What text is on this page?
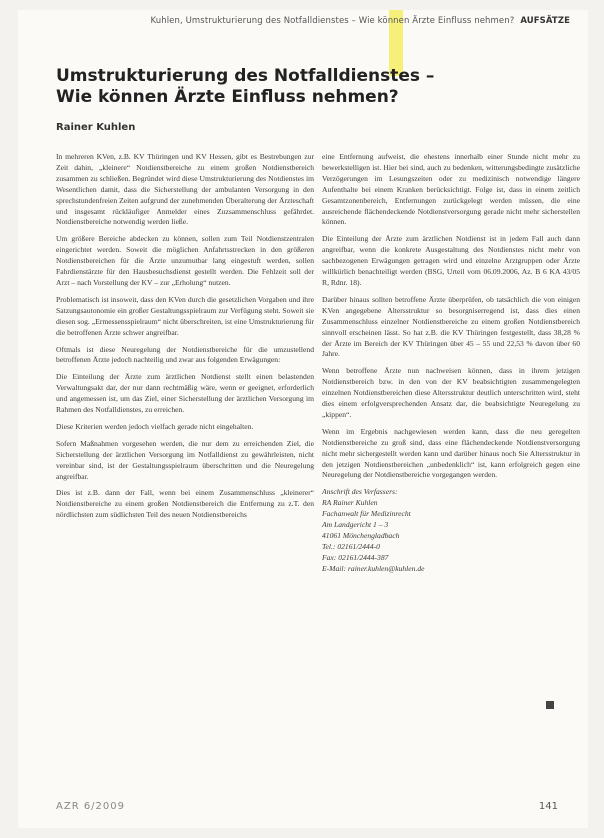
Kuhlen, Umstrukturierung des Notfalldienstes – Wie können Ärzte Einfluss nehmen? AUFSÄTZE
Umstrukturierung des Notfalldienstes –
Wie können Ärzte Einfluss nehmen?
Rainer Kuhlen

In mehreren KVen, z.B. KV Thüringen und KV Hessen, gibt es Bestrebungen zur Zeit dahin, „kleinere“ Notdienstbereiche zu einem großen Notdienstbereich zusammen zu schließen. Begründet wird diese Umstrukturierung des Notdienstes im Wesentlichen damit, dass die Sicherstellung der ambulanten Versorgung in den sprechstundenfreien Zeiten aufgrund der zunehmenden Überalterung der Ärzteschaft und insgesamt rückläufiger Anmelder eines Zuzsammenschluss gefährdet. Notdienstbereiche notwendig werden ließe.

Um größere Bereiche abdecken zu können, sollen zum Teil Notdienstzentralen eingerichtet werden. Soweit die möglichen Anfahrtsstrecken in den größeren Notdienstbereichen für die Ärzte unzumutbar lang eingestuft werden, sollen Fahrdienstärzte für den Hausbesuchsdienst gestellt werden. Die Fehlzeit soll der Arzt – nach Vorstellung der KV – zur „Erholung“ nutzen.

Problematisch ist insoweit, dass den KVen durch die gesetzlichen Vorgaben und ihre Satzungsautonomie ein großer Gestaltungsspielraum zur Verfügung steht. Soweit sie diesen sog. „Ermessensspielraum“ nicht überschreiten, ist eine Umstrukturierung für die betroffenen Ärzte schwer angreifbar.

Oftmals ist diese Neuregelung der Notdienstbereiche für die umzustellend betroffenen Ärzte jedoch nachteilig und zwar aus folgenden Erwägungen:

Die Einteilung der Ärzte zum ärztlichen Notdienst stellt einen belastenden Verwaltungsakt dar, der nur dann rechtmäßig wäre, wenn er geeignet, erforderlich und angemessen ist, um das Ziel, einer Sicherstellung der ärztlichen Versorgung im Rahmen des Notfalldienstes, zu erreichen.

Diese Kriterien werden jedoch vielfach gerade nicht eingehalten.

Sofern Maßnahmen vorgesehen werden, die nur dem zu erreichenden Ziel, die Sicherstellung der ärztlichen Versorgung im Notfalldienst zu gewährleisten, nicht vereinbar sind, ist der Gestaltungsspielraum überschritten und die Neuregelung angreifbar.

Dies ist z.B. dann der Fall, wenn bei einem Zusammenschluss „kleinerer“ Notdienstbereiche zu einem großen Notdienstbereich die Entfernung zu z.T. den nördlichsten zum südlichsten Teil des neuen Notdienstbereichs

eine Entfernung aufweist, die ehestens innerhalb einer Stunde nicht mehr zu bewerkstelligen ist. Hier bei sind, auch zu bedenken, witterungsbedingte zusätzliche Verzögerungen im Lesungszeiten oder zu medizinisch notwendige längere Aufenthalte bei einem Kranken berücksichtigt. Folge ist, dass in einem zeitlich Gesamtzonenbereich, Entfernungen zurückgelegt werden müssen, die eine ausreichende flächendeckende Notdienstversorgung gerade nicht mehr sicherstellen können.

Die Einteilung der Ärzte zum ärztlichen Notdienst ist in jedem Fall auch dann angreifbar, wenn die konkrete Ausgestaltung des Notdienstes nicht mehr von sachbezogenen Erwägungen getragen wird und einzelne Arztgruppen oder Ärzte willkürlich benachteiligt werden (BSG, Urteil vom 06.09.2006, Az. B 6 KA 43/05 R, Rdnr. 18).

Darüber hinaus sollten betroffene Ärzte überprüfen, ob tatsächlich die von einigen KVen angegebene Altersstruktur so besorgniserregend ist, dass dies einen Zusammenschluss einzelner Notdienstbereiche zu einem großen Notdienstbereich sinnvoll erscheinen lässt. So hat z.B. die KV Thüringen festgestellt, dass 38,28 % der Ärzte im Bereich der KV Thüringen über 45 – 55 und 22,53 % davon über 60 Jahre.

Wenn betroffene Ärzte nun nachweisen können, dass in ihrem jetzigen Notdienstbereich bzw. in den von der KV beabsichtigten zusammengelegten einzelnen Notdienstbereichen diese Altersstruktur deutlich unterschritten wird, steht dies einem erfolgversprechenden Ansatz dar, die beabsichtigte Neuregelung zu „kippen“.

Wenn im Ergebnis nachgewiesen werden kann, dass die neu geregelten Notdienstbereiche zu groß sind, dass eine flächendeckende Notdienstversorgung nicht mehr sichergestellt werden kann und darüber hinaus noch Sie Altersstruktur in den jetzigen Notdienstbereichen „unbedenklich“ ist, kann erfolgreich gegen eine Neuregelung der Notdienstbereiche vorgegangen werden.

Anschrift des Verfassers:
RA Rainer Kuhlen
Fachanwalt für Medizinrecht
Am Landgericht 1 – 3
41061 Mönchengladbach
Tel.: 02161/2444-0
Fax: 02161/2444-387
E-Mail: rainer.kuhlen@kuhlen.de
AZR 6/2009	141
